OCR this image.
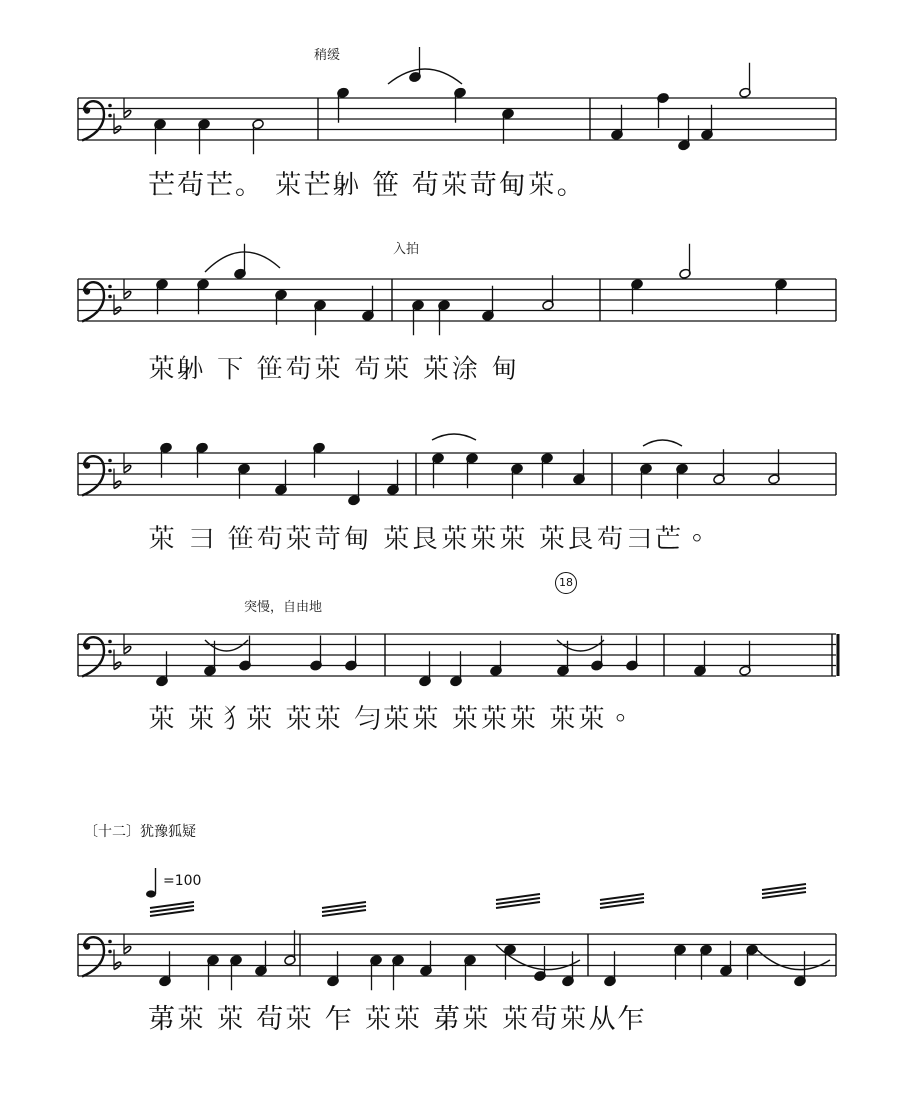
稍缓
入拍
突慢，自由地
芒茍芒。 𦬝芒𨈓 笹 茍𦬝苛甸𦬝。
𦬝𨈓 下 笹茍𦬝 茍𦬝 𦬝涂 甸
𦬝 ⺕ 笹茍𦬝苛甸 𦬝艮𦬝𦬝𦬝 𦬝艮茍⺕芒。
𦬝 𦬝犭𦬝 𦬝𦬝 匀𦬝𦬝 𦬝𦬝𦬝 𦬝𦬝。
苐𦬝 𦬝 茍𦬝 乍 𦬝𦬝 苐𦬝 𦬝茍𦬝从乍
18
〔十二〕犹豫狐疑
=100
